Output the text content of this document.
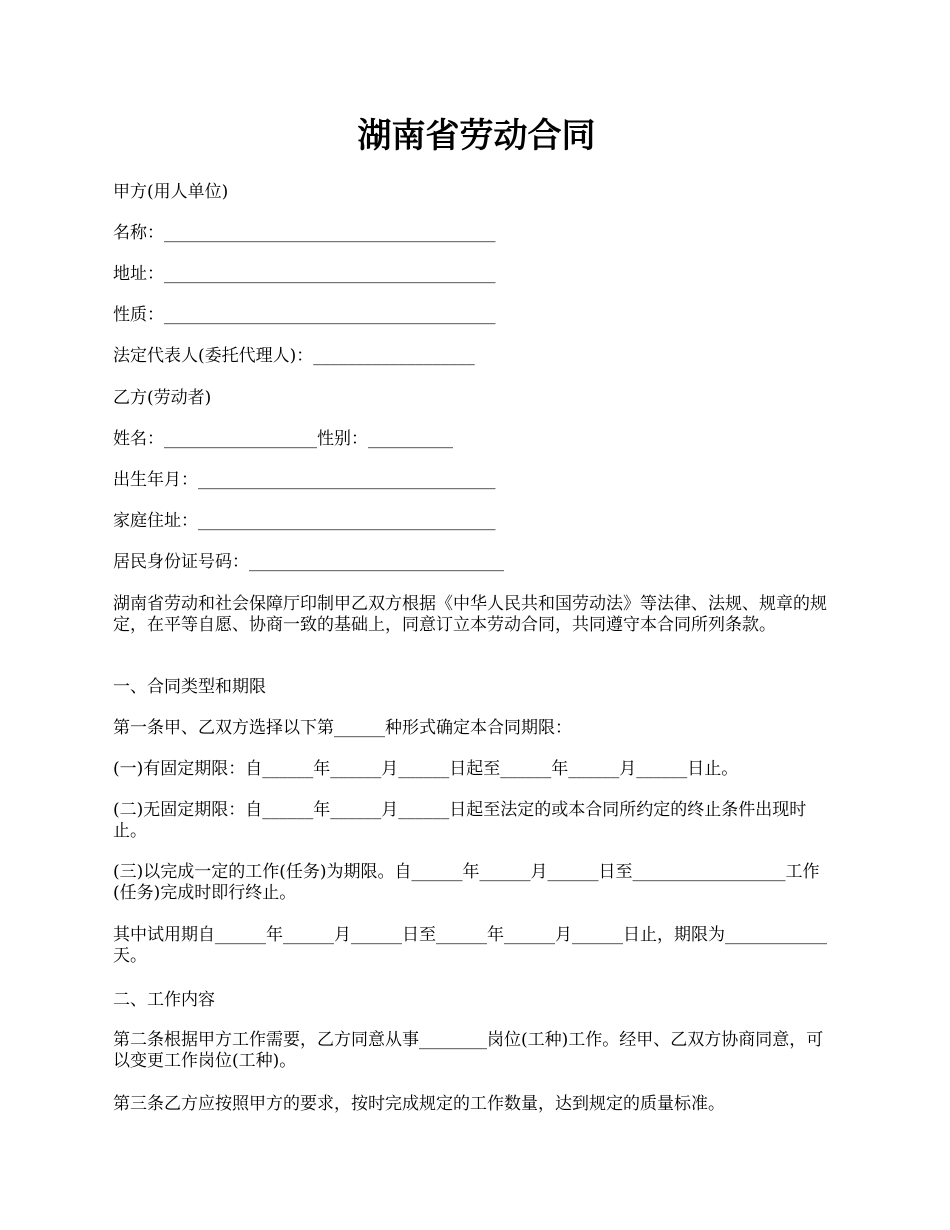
湖南省劳动合同

甲方(用人单位)

名称：_______________________________________

地址：_______________________________________

性质：_______________________________________

法定代表人(委托代理人)：___________________

乙方(劳动者)

姓名：__________________性别：__________

出生年月：___________________________________

家庭住址：___________________________________

居民身份证号码：______________________________

湖南省劳动和社会保障厅印制甲乙双方根据《中华人民共和国劳动法》等法律、法规、规章的规定，在平等自愿、协商一致的基础上，同意订立本劳动合同，共同遵守本合同所列条款。

一、合同类型和期限

第一条甲、乙双方选择以下第______种形式确定本合同期限：

(一)有固定期限：自______年______月______日起至______年______月______日止。

(二)无固定期限：自______年______月______日起至法定的或本合同所约定的终止条件出现时止。

(三)以完成一定的工作(任务)为期限。自______年______月______日至__________________工作(任务)完成时即行终止。

其中试用期自______年______月______日至______年______月______日止，期限为____________天。

二、工作内容

第二条根据甲方工作需要，乙方同意从事________岗位(工种)工作。经甲、乙双方协商同意，可以变更工作岗位(工种)。

第三条乙方应按照甲方的要求，按时完成规定的工作数量，达到规定的质量标准。
